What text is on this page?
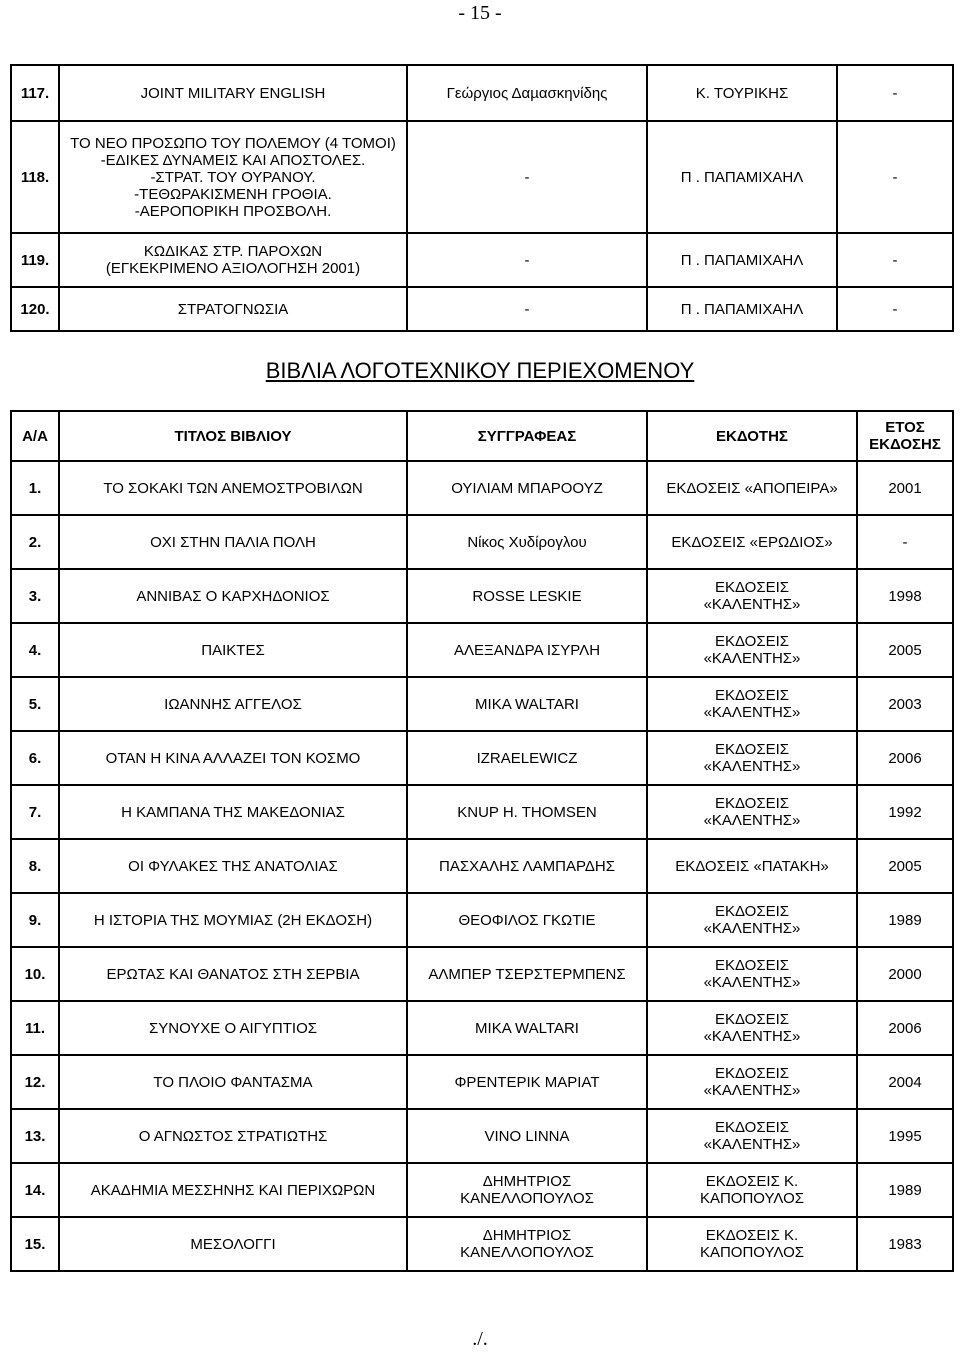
- 15 -
117.	JOINT MILITARY ENGLISH	Γεώργιος Δαµασκηνίδης	Κ. ΤΟΥΡΙΚΗΣ	-
118.	ΤΟ ΝΕΟ ΠΡΟΣΩΠΟ ΤΟΥ ΠΟΛΕΜΟΥ (4 ΤΟΜΟΙ)
-ΕΔΙΚΕΣ ΔΥΝΑΜΕΙΣ ΚΑΙ ΑΠΟΣΤΟΛΕΣ.
-ΣΤΡΑΤ. ΤΟΥ ΟΥΡΑΝΟΥ.
-ΤΕΘΩΡΑΚΙΣΜΕΝΗ ΓΡΟΘΙΑ.
-ΑΕΡΟΠΟΡΙΚΗ ΠΡΟΣΒΟΛΗ.	-	Π . ΠΑΠΑΜΙΧΑΗΛ	-
119.	ΚΩΔΙΚΑΣ ΣΤΡ. ΠΑΡΟΧΩΝ
(ΕΓΚΕΚΡΙΜΕΝΟ ΑΞΙΟΛΟΓΗΣΗ 2001)	-	Π . ΠΑΠΑΜΙΧΑΗΛ	-
120.	ΣΤΡΑΤΟΓΝΩΣΙΑ	-	Π . ΠΑΠΑΜΙΧΑΗΛ	-
ΒΙΒΛΙΑ ΛΟΓΟΤΕΧΝΙΚΟΥ ΠΕΡΙΕΧΟΜΕΝΟΥ
Α/Α	ΤΙΤΛΟΣ ΒΙΒΛΙΟΥ	ΣΥΓΓΡΑΦΕΑΣ	ΕΚΔΟΤΗΣ	ΕΤΟΣ
ΕΚΔΟΣΗΣ
1.	ΤΟ ΣΟΚΑΚΙ ΤΩΝ ΑΝΕΜΟΣΤΡΟΒΙΛΩΝ	ΟΥΙΛΙΑΜ ΜΠΑΡΟΟΥΖ	ΕΚΔΟΣΕΙΣ «ΑΠΟΠΕΙΡΑ»	2001
2.	ΟΧΙ ΣΤΗΝ ΠΑΛΙΑ ΠΟΛΗ	Νίκος Χυδίρογλου	ΕΚΔΟΣΕΙΣ «ΕΡΩΔΙΟΣ»	-
3.	ΑΝΝΙΒΑΣ Ο ΚΑΡΧΗΔΟΝΙΟΣ	ROSSE LESKIE	ΕΚΔΟΣΕΙΣ
«ΚΑΛΕΝΤΗΣ»	1998
4.	ΠΑΙΚΤΕΣ	ΑΛΕΞΑΝΔΡΑ ΙΣΥΡΛΗ	ΕΚΔΟΣΕΙΣ
«ΚΑΛΕΝΤΗΣ»	2005
5.	ΙΩΑΝΝΗΣ ΑΓΓΕΛΟΣ	MIKA WALTARI	ΕΚΔΟΣΕΙΣ
«ΚΑΛΕΝΤΗΣ»	2003
6.	ΟΤΑΝ Η ΚΙΝΑ ΑΛΛΑΖΕΙ ΤΟΝ ΚΟΣΜΟ	IZRAELEWICZ	ΕΚΔΟΣΕΙΣ
«ΚΑΛΕΝΤΗΣ»	2006
7.	Η ΚΑΜΠΑΝΑ ΤΗΣ ΜΑΚΕΔΟΝΙΑΣ	KNUP H. THOMSEN	ΕΚΔΟΣΕΙΣ
«ΚΑΛΕΝΤΗΣ»	1992
8.	ΟΙ ΦΥΛΑΚΕΣ ΤΗΣ ΑΝΑΤΟΛΙΑΣ	ΠΑΣΧΑΛΗΣ ΛΑΜΠΑΡΔΗΣ	ΕΚΔΟΣΕΙΣ «ΠΑΤΑΚΗ»	2005
9.	Η ΙΣΤΟΡΙΑ ΤΗΣ ΜΟΥΜΙΑΣ (2Η ΕΚΔΟΣΗ)	ΘΕΟΦΙΛΟΣ ΓΚΩΤΙΕ	ΕΚΔΟΣΕΙΣ
«ΚΑΛΕΝΤΗΣ»	1989
10.	ΕΡΩΤΑΣ ΚΑΙ ΘΑΝΑΤΟΣ ΣΤΗ ΣΕΡΒΙΑ	ΑΛΜΠΕΡ ΤΣΕΡΣΤΕΡΜΠΕΝΣ	ΕΚΔΟΣΕΙΣ
«ΚΑΛΕΝΤΗΣ»	2000
11.	ΣΥΝΟΥΧΕ Ο ΑΙΓΥΠΤΙΟΣ	MIKA WALTARI	ΕΚΔΟΣΕΙΣ
«ΚΑΛΕΝΤΗΣ»	2006
12.	ΤΟ ΠΛΟΙΟ ΦΑΝΤΑΣΜΑ	ΦΡΕΝΤΕΡΙΚ ΜΑΡΙΑΤ	ΕΚΔΟΣΕΙΣ
«ΚΑΛΕΝΤΗΣ»	2004
13.	Ο ΑΓΝΩΣΤΟΣ ΣΤΡΑΤΙΩΤΗΣ	VINO LINNA	ΕΚΔΟΣΕΙΣ
«ΚΑΛΕΝΤΗΣ»	1995
14.	ΑΚΑΔΗΜΙΑ ΜΕΣΣΗΝΗΣ ΚΑΙ ΠΕΡΙΧΩΡΩΝ	ΔΗΜΗΤΡΙΟΣ
ΚΑΝΕΛΛΟΠΟΥΛΟΣ	ΕΚΔΟΣΕΙΣ Κ.
ΚΑΠΟΠΟΥΛΟΣ	1989
15.	ΜΕΣΟΛΟΓΓΙ	ΔΗΜΗΤΡΙΟΣ
ΚΑΝΕΛΛΟΠΟΥΛΟΣ	ΕΚΔΟΣΕΙΣ Κ.
ΚΑΠΟΠΟΥΛΟΣ	1983
./.
